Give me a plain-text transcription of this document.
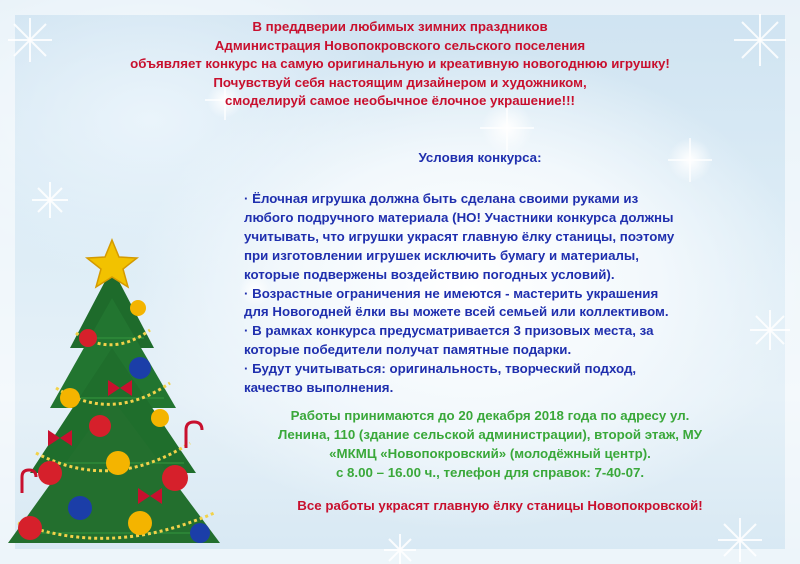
В преддверии любимых зимних праздников
Администрация Новопокровского сельского поселения
объявляет конкурс на самую оригинальную и креативную новогоднюю игрушку!
Почувствуй себя настоящим дизайнером и художником,
смоделируй самое необычное ёлочное украшение!!!
Условия конкурса:
· Ёлочная игрушка должна быть сделана своими руками из
любого подручного материала (НО! Участники конкурса должны
учитывать, что игрушки украсят главную ёлку станицы, поэтому
при изготовлении игрушек исключить бумагу и материалы,
которые подвержены воздействию погодных условий).
· Возрастные ограничения не имеются - мастерить украшения
для Новогодней ёлки вы можете всей семьей или коллективом.
· В рамках конкурса предусматривается 3 призовых места, за
которые победители получат памятные подарки.
· Будут учитываться: оригинальность, творческий подход,
качество выполнения.
Работы принимаются до 20 декабря 2018 года по адресу ул.
Ленина, 110 (здание сельской администрации), второй этаж, МУ
«МКМЦ «Новопокровский» (молодёжный центр).
с 8.00 – 16.00 ч., телефон для справок: 7-40-07.
Все работы украсят главную ёлку станицы Новопокровской!
